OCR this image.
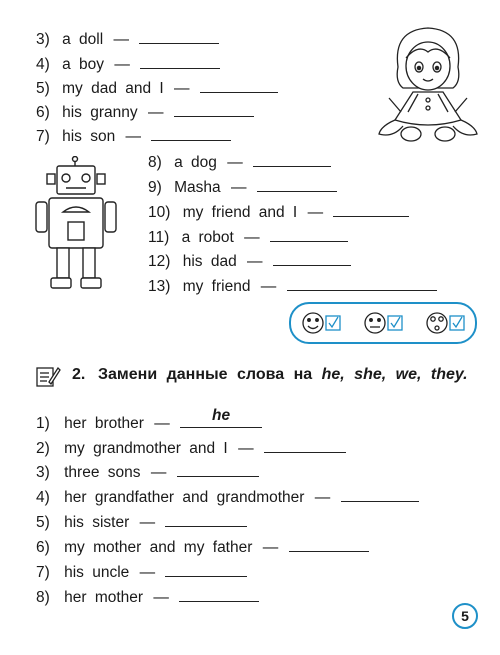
3) a doll —
4) a boy —
5) my dad and I —
6) his granny —
7) his son —
8) a dog —
9) Masha —
10) my friend and I —
11) a robot —
12) his dad —
13) my friend —
2. Замени данные слова на he, she, we, they.
1) her brother —	he
2) my grandmother and I —
3) three sons —
4) her grandfather and grandmother —
5) his sister —
6) my mother and my father —
7) his uncle —
8) her mother —
5
